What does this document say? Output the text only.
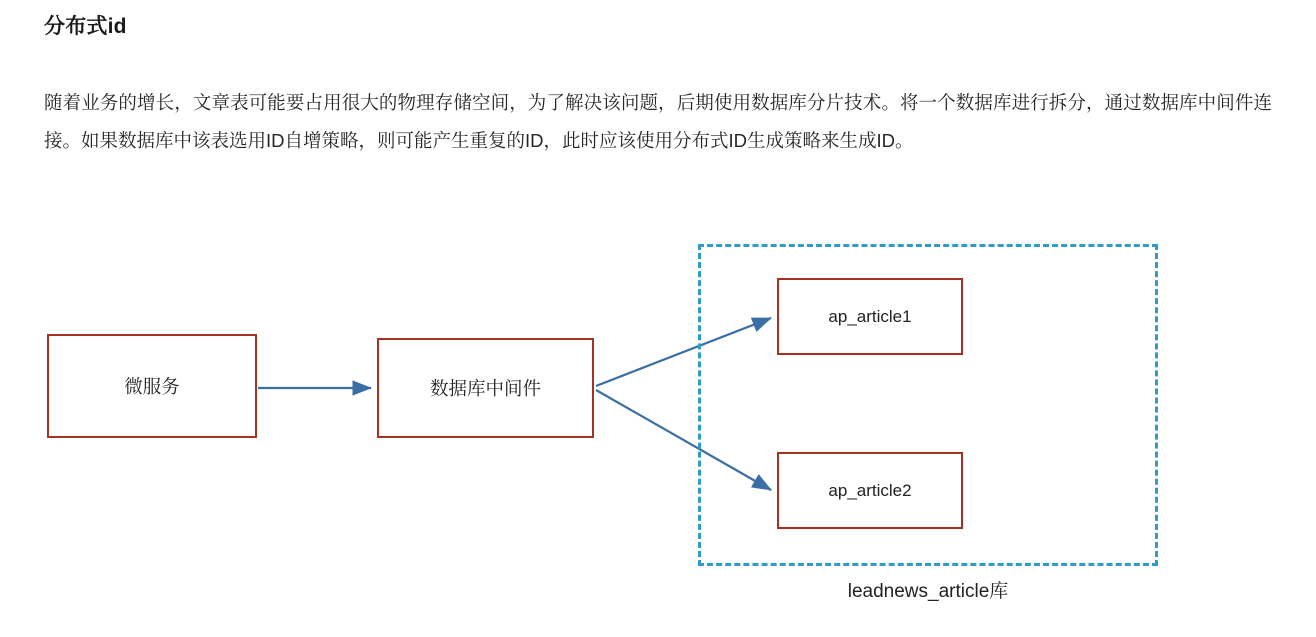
分布式id
随着业务的增长，文章表可能要占用很大的物理存储空间，为了解决该问题，后期使用数据库分片技术。将一个数据库进行拆分，通过数据库中间件连接。如果数据库中该表选用ID自增策略，则可能产生重复的ID，此时应该使用分布式ID生成策略来生成ID。
微服务	数据库中间件
ap_article1
ap_article2
leadnews_article库
